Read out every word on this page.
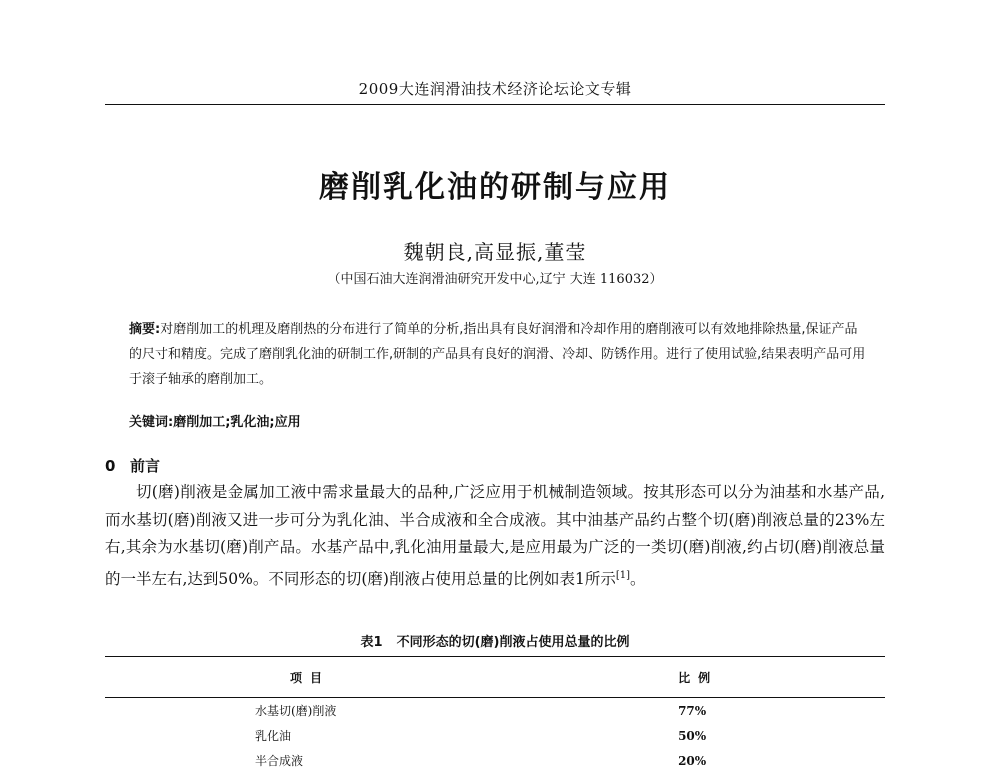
2009大连润滑油技术经济论坛论文专辑
磨削乳化油的研制与应用
魏朝良,高显振,董莹
（中国石油大连润滑油研究开发中心,辽宁 大连 116032）
摘要:对磨削加工的机理及磨削热的分布进行了简单的分析,指出具有良好润滑和冷却作用的磨削液可以有效地排除热量,保证产品的尺寸和精度。完成了磨削乳化油的研制工作,研制的产品具有良好的润滑、冷却、防锈作用。进行了使用试验,结果表明产品可用于滚子轴承的磨削加工。
关键词:磨削加工;乳化油;应用
0 前言
切(磨)削液是金属加工液中需求量最大的品种,广泛应用于机械制造领域。按其形态可以分为油基和水基产品,而水基切(磨)削液又进一步可分为乳化油、半合成液和全合成液。其中油基产品约占整个切(磨)削液总量的23%左右,其余为水基切(磨)削产品。水基产品中,乳化油用量最大,是应用最为广泛的一类切(磨)削液,约占切(磨)削液总量的一半左右,达到50%。不同形态的切(磨)削液占使用总量的比例如表1所示[1]。
表1 不同形态的切(磨)削液占使用总量的比例
项目	比例
水基切(磨)削液	77%
乳化油	50%
半合成液	20%
